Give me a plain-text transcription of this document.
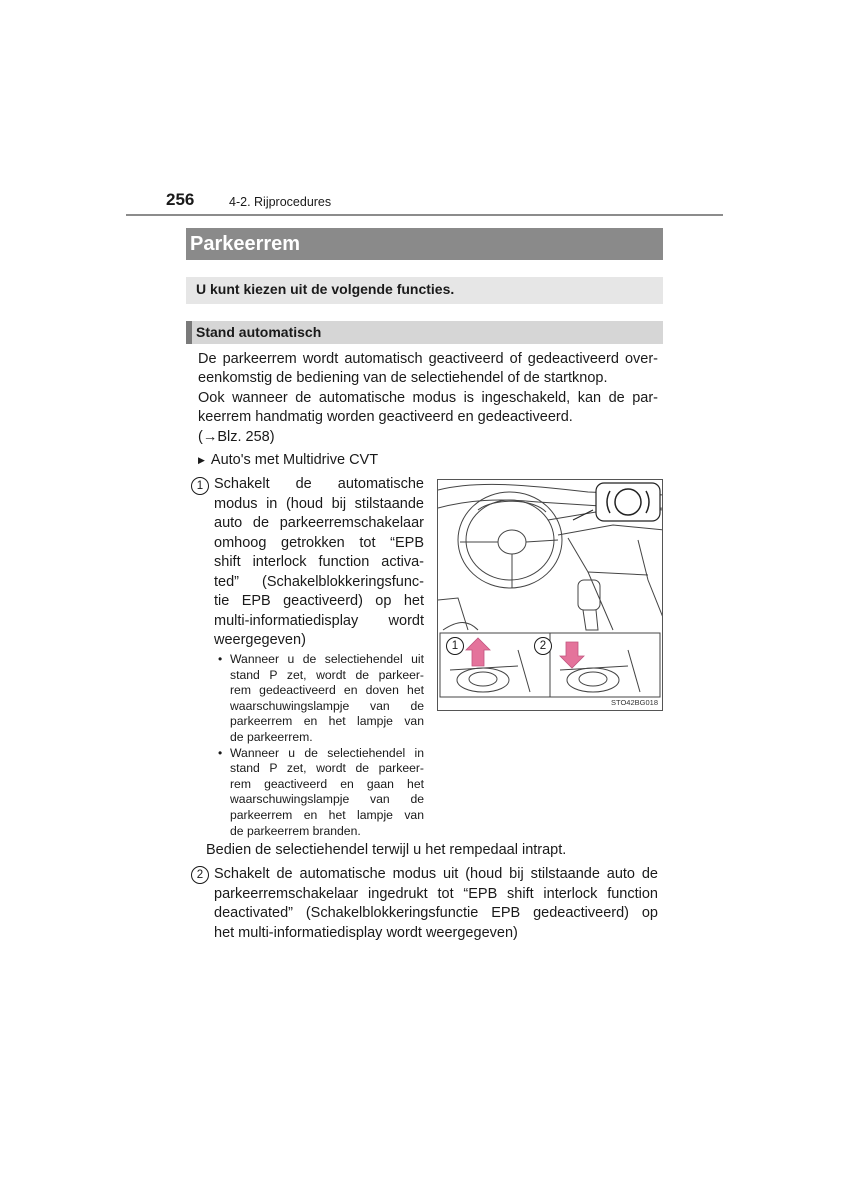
256	4-2. Rijprocedures
Parkeerrem
U kunt kiezen uit de volgende functies.
Stand automatisch
De parkeerrem wordt automatisch geactiveerd of gedeactiveerd over-
eenkomstig de bediening van de selectiehendel of de startknop.
Ook wanneer de automatische modus is ingeschakeld, kan de par-
keerrem handmatig worden geactiveerd en gedeactiveerd.
(→Blz. 258)
▶ Auto's met Multidrive CVT
1 Schakelt de automatische
modus in (houd bij stilstaande
auto de parkeerremschakelaar
omhoog getrokken tot “EPB
shift interlock function activa-
ted” (Schakelblokkeringsfunc-
tie EPB geactiveerd) op het
multi-informatiedisplay wordt
weergegeven)
• Wanneer u de selectiehendel uit
stand P zet, wordt de parkeer-
rem gedeactiveerd en doven het
waarschuwingslampje van de
parkeerrem en het lampje van
de parkeerrem.
• Wanneer u de selectiehendel in
stand P zet, wordt de parkeer-
rem geactiveerd en gaan het
waarschuwingslampje van de
parkeerrem en het lampje van
de parkeerrem branden.
Bedien de selectiehendel terwijl u het rempedaal intrapt.
2 Schakelt de automatische modus uit (houd bij stilstaande auto de
parkeerremschakelaar ingedrukt tot “EPB shift interlock function
deactivated” (Schakelblokkeringsfunctie EPB gedeactiveerd) op
het multi-informatiedisplay wordt weergegeven)
1	2
STO42BG018
